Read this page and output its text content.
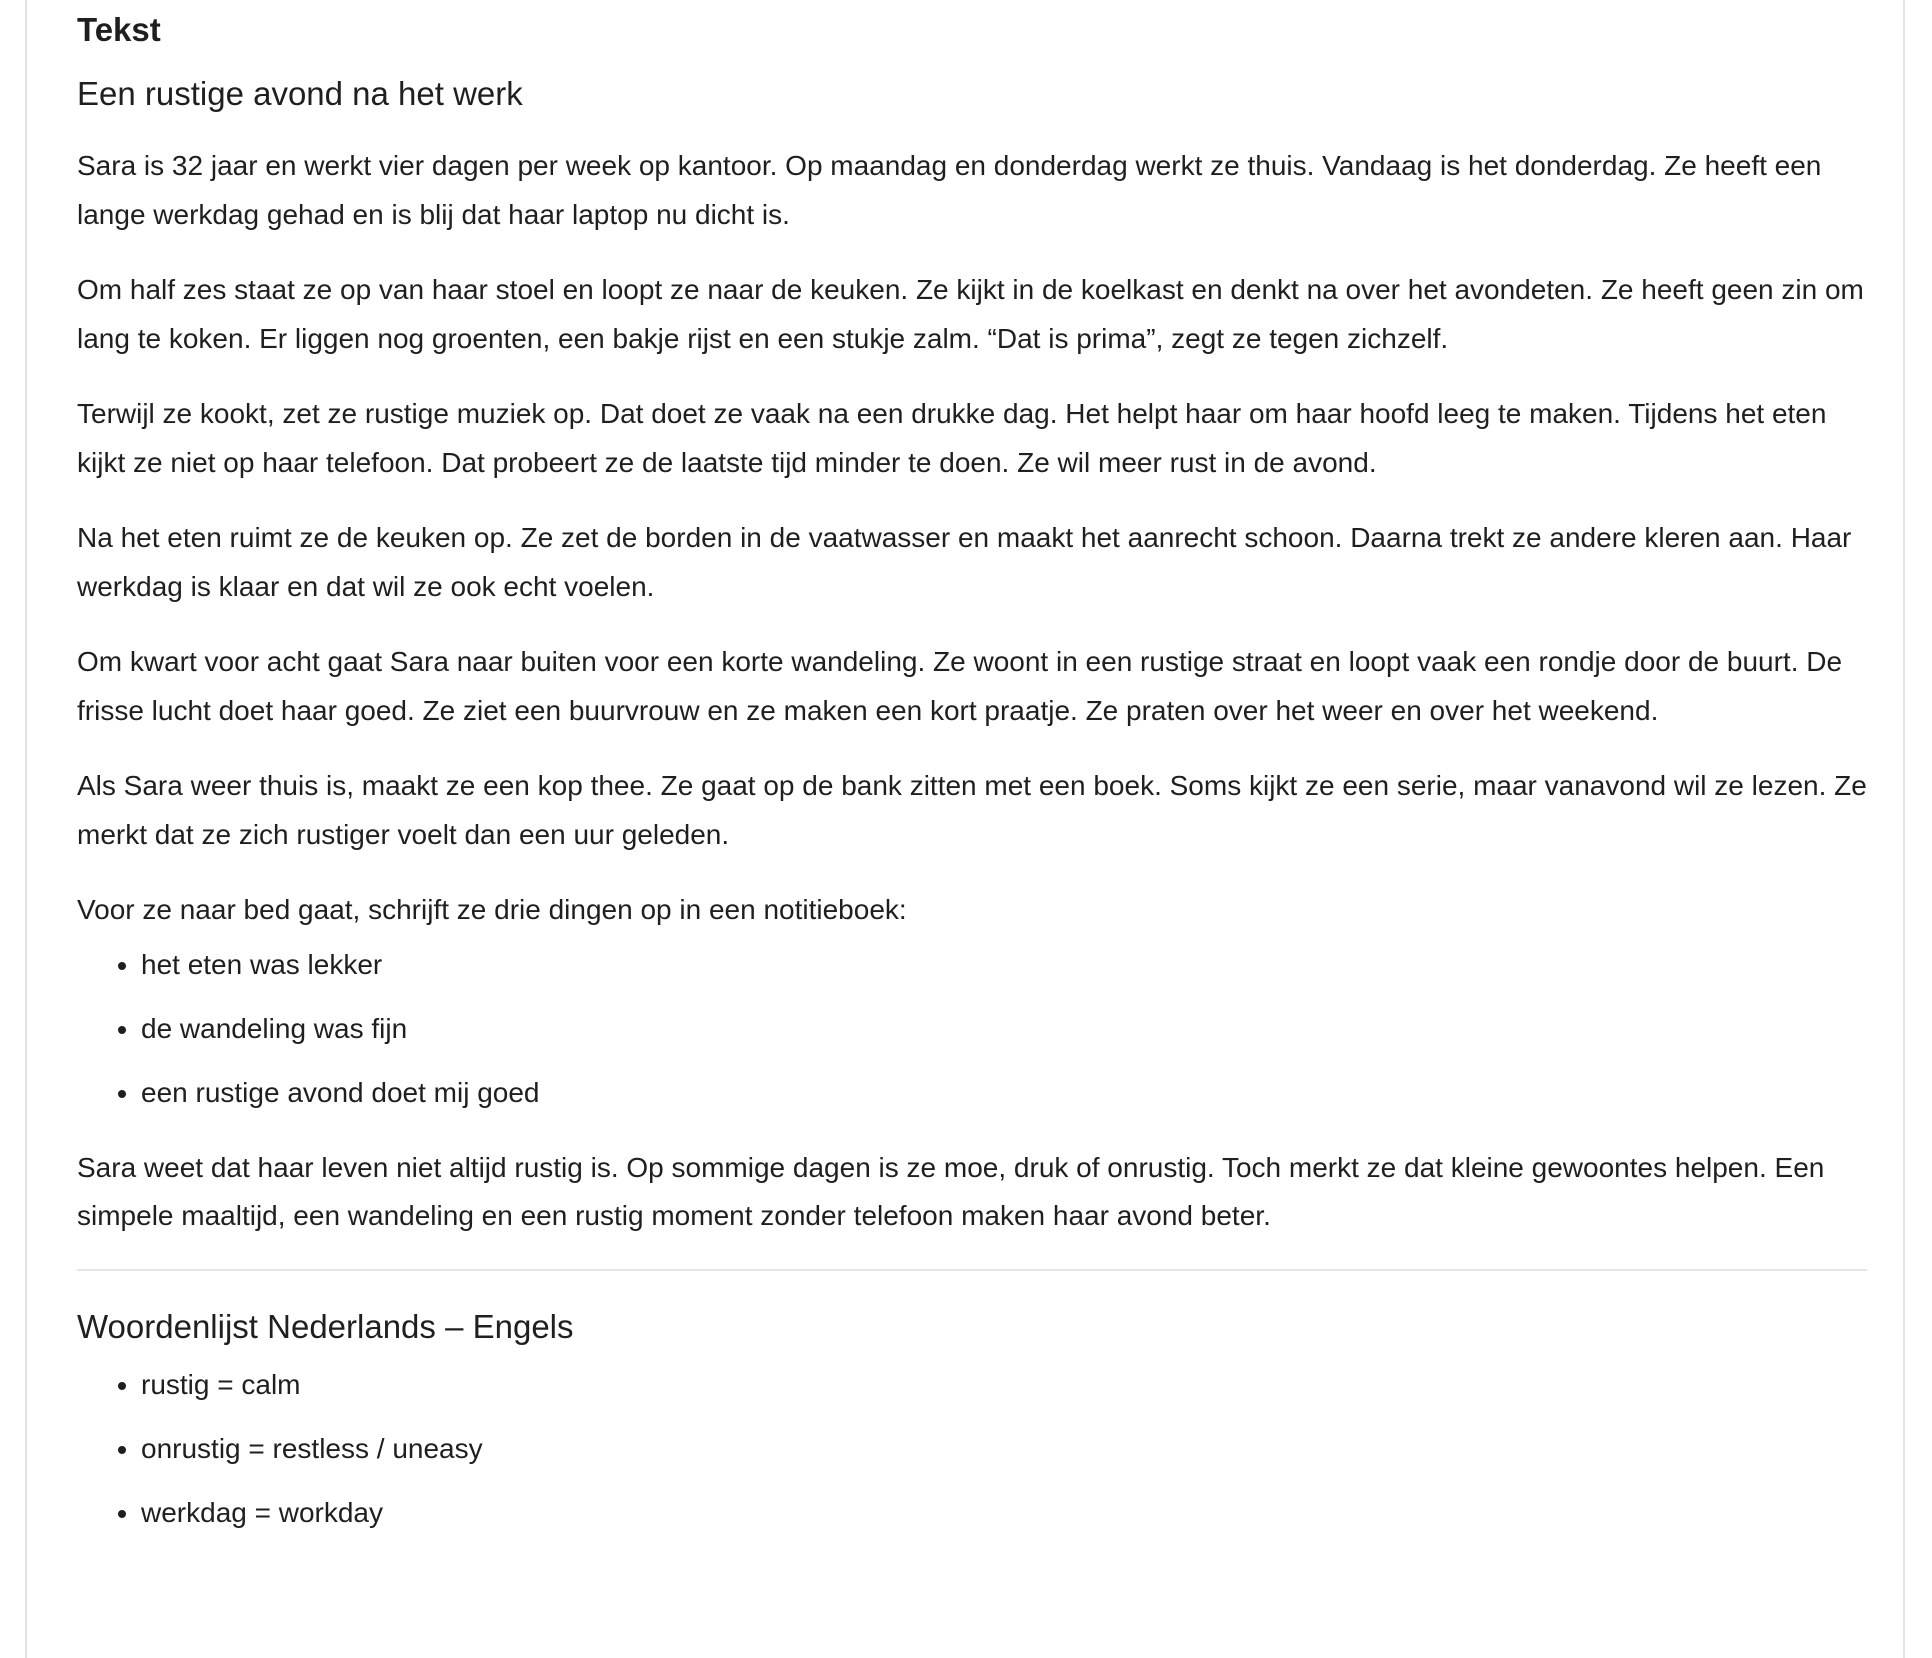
Tekst
Een rustige avond na het werk

Sara is 32 jaar en werkt vier dagen per week op kantoor. Op maandag en donderdag werkt ze thuis. Vandaag is het donderdag. Ze heeft een lange werkdag gehad en is blij dat haar laptop nu dicht is.

Om half zes staat ze op van haar stoel en loopt ze naar de keuken. Ze kijkt in de koelkast en denkt na over het avondeten. Ze heeft geen zin om lang te koken. Er liggen nog groenten, een bakje rijst en een stukje zalm. “Dat is prima”, zegt ze tegen zichzelf.

Terwijl ze kookt, zet ze rustige muziek op. Dat doet ze vaak na een drukke dag. Het helpt haar om haar hoofd leeg te maken. Tijdens het eten kijkt ze niet op haar telefoon. Dat probeert ze de laatste tijd minder te doen. Ze wil meer rust in de avond.

Na het eten ruimt ze de keuken op. Ze zet de borden in de vaatwasser en maakt het aanrecht schoon. Daarna trekt ze andere kleren aan. Haar werkdag is klaar en dat wil ze ook echt voelen.

Om kwart voor acht gaat Sara naar buiten voor een korte wandeling. Ze woont in een rustige straat en loopt vaak een rondje door de buurt. De frisse lucht doet haar goed. Ze ziet een buurvrouw en ze maken een kort praatje. Ze praten over het weer en over het weekend.

Als Sara weer thuis is, maakt ze een kop thee. Ze gaat op de bank zitten met een boek. Soms kijkt ze een serie, maar vanavond wil ze lezen. Ze merkt dat ze zich rustiger voelt dan een uur geleden.

Voor ze naar bed gaat, schrijft ze drie dingen op in een notitieboek:

• het eten was lekker
• de wandeling was fijn
• een rustige avond doet mij goed

Sara weet dat haar leven niet altijd rustig is. Op sommige dagen is ze moe, druk of onrustig. Toch merkt ze dat kleine gewoontes helpen. Een simpele maaltijd, een wandeling en een rustig moment zonder telefoon maken haar avond beter.

Woordenlijst Nederlands – Engels
• rustig = calm
• onrustig = restless / uneasy
• werkdag = workday
